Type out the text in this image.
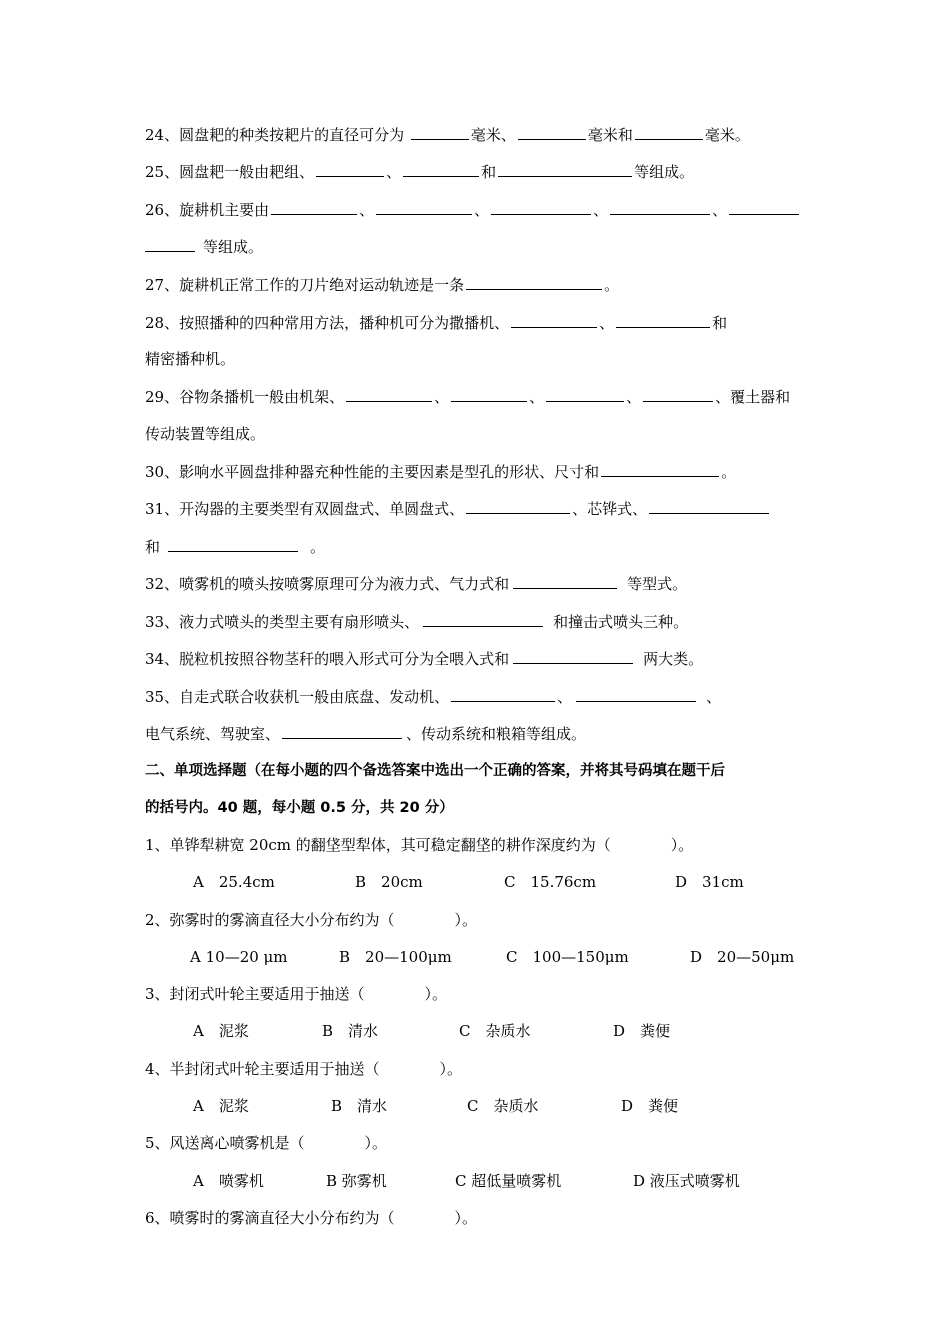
24、圆盘耙的种类按耙片的直径可分为	毫米、	毫米和	毫米。
25、圆盘耙一般由耙组、	、	和	等组成。
26、旋耕机主要由	、	、	、	、
等组成。
27、旋耕机正常工作的刀片绝对运动轨迹是一条	。
28、按照播种的四种常用方法，播种机可分为撒播机、	、	和
精密播种机。
29、谷物条播机一般由机架、	、	、	、	、覆土器和
传动装置等组成。
30、影响水平圆盘排种器充种性能的主要因素是型孔的形状、尺寸和	。
31、开沟器的主要类型有双圆盘式、单圆盘式、	、芯铧式、
和	。
32、喷雾机的喷头按喷雾原理可分为液力式、气力式和	等型式。
33、液力式喷头的类型主要有扇形喷头、	和撞击式喷头三种。
34、脱粒机按照谷物茎秆的喂入形式可分为全喂入式和	两大类。
35、自走式联合收获机一般由底盘、发动机、	、	、
电气系统、驾驶室、	、传动系统和粮箱等组成。
二、单项选择题（在每小题的四个备选答案中选出一个正确的答案，并将其号码填在题干后
的括号内。40 题，每小题 0.5 分，共 20 分）
1、单铧犁耕宽 20cm 的翻垡型犁体，其可稳定翻垡的耕作深度约为（　　　　）。
A　25.4cm	B　20cm	C　15.76cm	D　31cm
2、弥雾时的雾滴直径大小分布约为（　　　　）。
A 10—20 μm	B　20—100μm	C　100—150μm	D　20—50μm
3、封闭式叶轮主要适用于抽送（　　　　）。
A　泥浆	B　清水	C　杂质水	D　粪便
4、半封闭式叶轮主要适用于抽送（　　　　）。
A　泥浆	B　清水	C　杂质水	D　粪便
5、风送离心喷雾机是（　　　　）。
A　喷雾机	B 弥雾机	C 超低量喷雾机	D 液压式喷雾机
6、喷雾时的雾滴直径大小分布约为（　　　　）。
